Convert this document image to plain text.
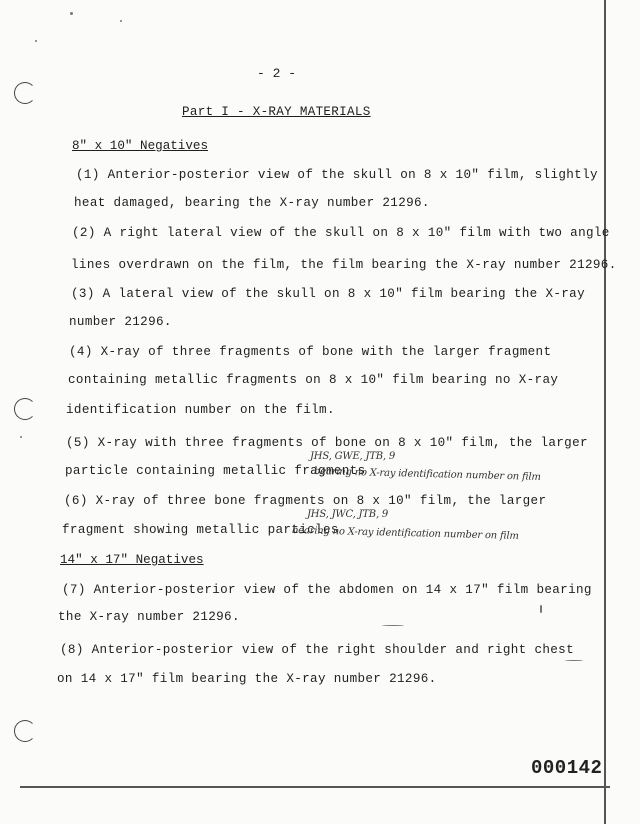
- 2 -
Part I - X-RAY MATERIALS
8" x 10" Negatives
(1) Anterior-posterior view of the skull on 8 x 10" film, slightly
heat damaged, bearing the X-ray number 21296.
(2) A right lateral view of the skull on 8 x 10" film with two angle
lines overdrawn on the film, the film bearing the X-ray number 21296.
(3) A lateral view of the skull on 8 x 10" film bearing the X-ray
number 21296.
(4) X-ray of three fragments of bone with the larger fragment
containing metallic fragments on 8 x 10" film bearing no X-ray
identification number on the film.
(5) X-ray with three fragments of bone on 8 x 10" film, the larger
JHS, GWE, JTB, 9
particle containing metallic fragments
bearing no X-ray identification number on film
(6) X-ray of three bone fragments on 8 x 10" film, the larger
JHS, JWC, JTB, 9
fragment showing metallic particles
bearing no X-ray identification number on film
14" x 17" Negatives
(7) Anterior-posterior view of the abdomen on 14 x 17" film bearing
the X-ray number 21296.
(8) Anterior-posterior view of the right shoulder and right chest
on 14 x 17" film bearing the X-ray number 21296.
000142
